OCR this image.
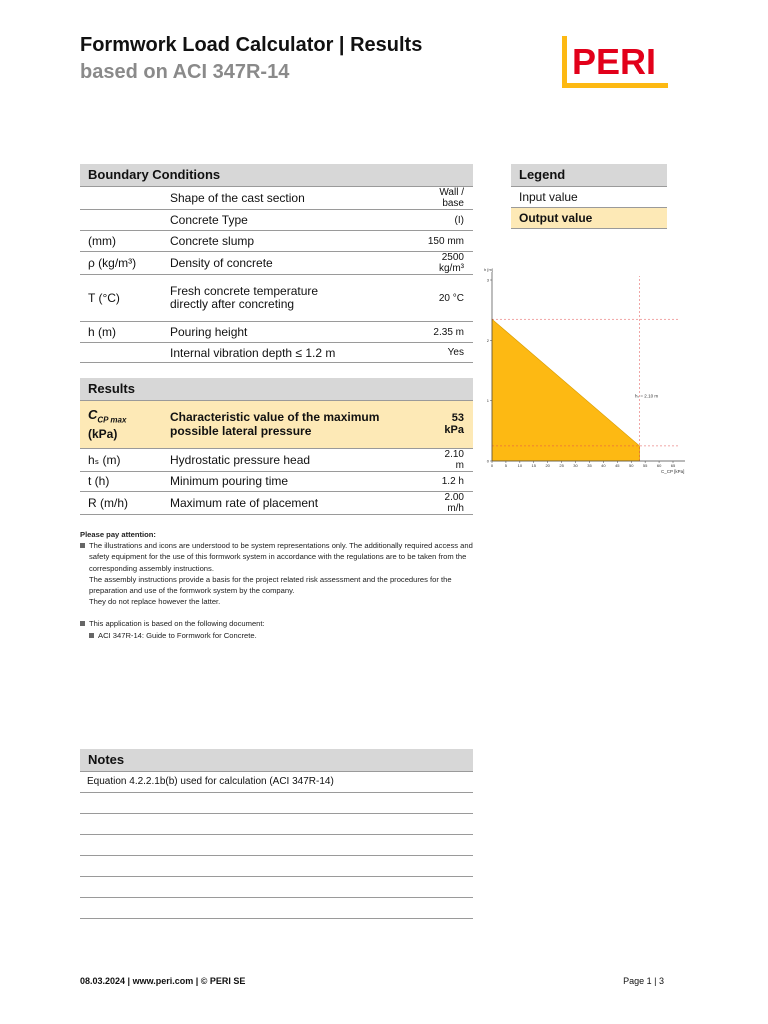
Formwork Load Calculator | Results
based on ACI 347R-14	PERI
Boundary Conditions
	Shape of the cast section	Wall / base
	Concrete Type	(I)
(mm)	Concrete slump	150 mm
ρ (kg/m³)	Density of concrete	2500 kg/m³
T (°C)	Fresh concrete temperature directly after concreting	20 °C
h (m)	Pouring height	2.35 m
	Internal vibration depth ≤ 1.2 m	Yes
Legend
Input value
Output value
0	5	10 15 20 25 30 35 40 45 50 55 60 65
0
1
2
3
h [m]
C_CP [kPa]
hₛ = 2.10 m
Results
$C_{CP max}$
(kPa)	Characteristic value of the maximum possible lateral pressure	53 kPa
hₛ (m)	Hydrostatic pressure head	2.10 m
t (h)	Minimum pouring time	1.2 h
R (m/h)	Maximum rate of placement	2.00 m/h
Please pay attention:
The illustrations and icons are understood to be system representations only. The additionally required access and safety equipment for the use of this formwork system in accordance with the regulations are to be taken from the corresponding assembly instructions.
The assembly instructions provide a basis for the project related risk assessment and the procedures for the preparation and use of the formwork system by the company.
They do not replace however the latter.
This application is based on the following document:
ACI 347R-14: Guide to Formwork for Concrete.
Notes
Equation 4.2.2.1b(b) used for calculation (ACI 347R-14)
08.03.2024 | www.peri.com | © PERI SE	Page 1 | 3
